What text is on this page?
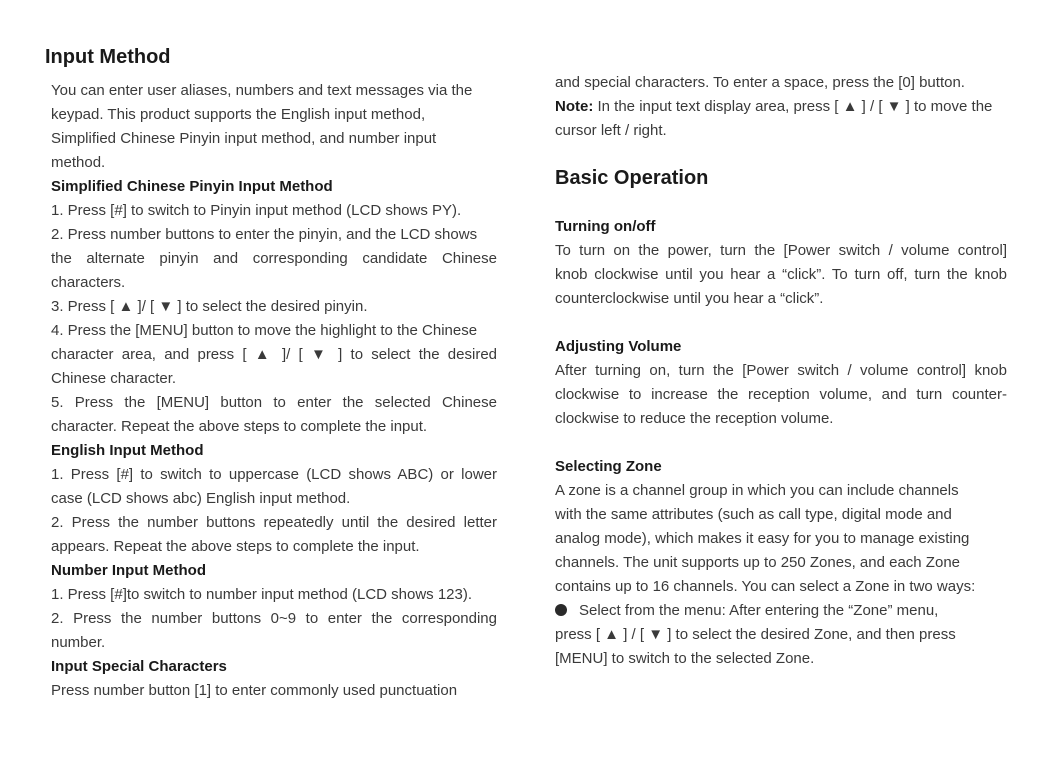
Input Method
You can enter user aliases, numbers and text messages via the
keypad. This product supports the English input method,
Simplified Chinese Pinyin input method, and number input
method.
Simplified Chinese Pinyin Input Method
1. Press [#] to switch to Pinyin input method (LCD shows PY).
2. Press number buttons to enter the pinyin, and the LCD shows
the alternate pinyin and corresponding candidate Chinese
characters.
3. Press [ ▲ ]/ [ ▼ ] to select the desired pinyin.
4. Press the [MENU] button to move the highlight to the Chinese
character area, and press [ ▲ ]/ [ ▼ ] to select the desired
Chinese character.
5. Press the [MENU] button to enter the selected Chinese
character. Repeat the above steps to complete the input.
English Input Method
1. Press [#] to switch to uppercase (LCD shows ABC) or lower
case (LCD shows abc) English input method.
2. Press the number buttons repeatedly until the desired letter
appears. Repeat the above steps to complete the input.
Number Input Method
1. Press [#]to switch to number input method (LCD shows 123).
2. Press the number buttons 0~9 to enter the corresponding
number.
Input Special Characters
Press number button [1] to enter commonly used punctuation
and special characters. To enter a space, press the [0] button.
Note: In the input text display area, press [ ▲ ] / [ ▼ ] to move the
cursor left / right.
Basic Operation
Turning on/off
To turn on the power, turn the [Power switch / volume control]
knob clockwise until you hear a “click”. To turn off, turn the knob
counterclockwise until you hear a “click”.
Adjusting Volume
After turning on, turn the [Power switch / volume control] knob
clockwise to increase the reception volume, and turn counter-
clockwise to reduce the reception volume.
Selecting Zone
A zone is a channel group in which you can include channels
with the same attributes (such as call type, digital mode and
analog mode), which makes it easy for you to manage existing
channels. The unit supports up to 250 Zones, and each Zone
contains up to 16 channels. You can select a Zone in two ways:
Select from the menu: After entering the “Zone” menu,
press [ ▲ ] / [ ▼ ] to select the desired Zone, and then press
[MENU] to switch to the selected Zone.
